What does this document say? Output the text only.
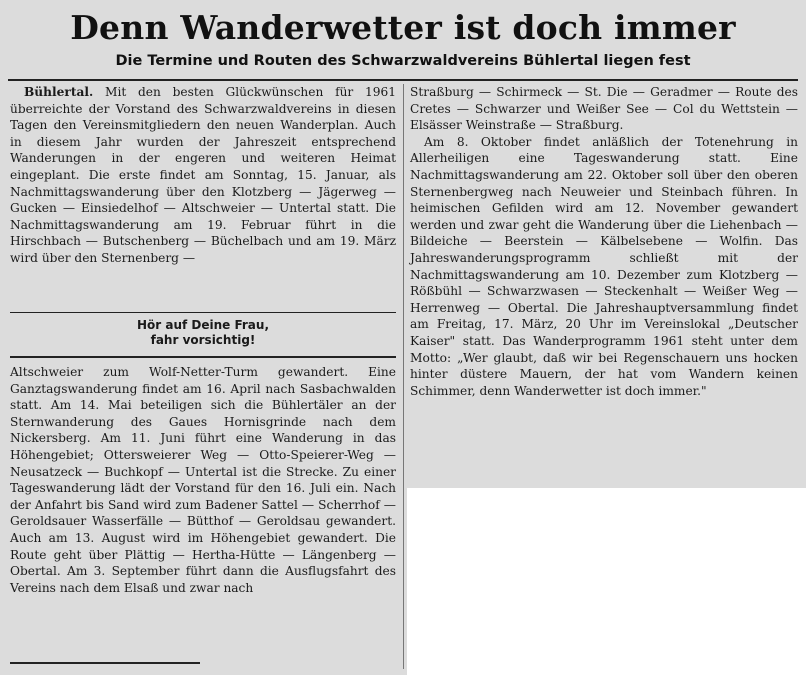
Denn Wanderwetter ist doch immer
Die Termine und Routen des Schwarzwaldvereins Bühlertal liegen fest

Bühlertal. Mit den besten Glückwünschen für 1961 überreichte der Vorstand des Schwarzwaldvereins in diesen Tagen den Vereinsmitgliedern den neuen Wanderplan. Auch in diesem Jahr wurden der Jahreszeit entsprechend Wanderungen in der engeren und weiteren Heimat eingeplant. Die erste findet am Sonntag, 15. Januar, als Nachmittagswanderung über den Klotzberg — Jägerweg — Gucken — Einsiedelhof — Altschweier — Untertal statt. Die Nachmittagswanderung am 19. Februar führt in die Hirschbach — Butschenberg — Büchelbach und am 19. März wird über den Sternenberg —

Hör auf Deine Frau,
fahr vorsichtig!

Altschweier zum Wolf-Netter-Turm gewandert. Eine Ganztagswanderung findet am 16. April nach Sasbachwalden statt. Am 14. Mai beteiligen sich die Bühlertäler an der Sternwanderung des Gaues Hornisgrinde nach dem Nickersberg. Am 11. Juni führt eine Wanderung in das Höhengebiet; Ottersweierer Weg — Otto-Speierer-Weg — Neusatzeck — Buchkopf — Untertal ist die Strecke. Zu einer Tageswanderung lädt der Vorstand für den 16. Juli ein. Nach der Anfahrt bis Sand wird zum Badener Sattel — Scherrhof — Geroldsauer Wasserfälle — Bütthof — Geroldsau gewandert. Auch am 13. August wird im Höhengebiet gewandert. Die Route geht über Plättig — Hertha-Hütte — Längenberg — Obertal. Am 3. September führt dann die Ausflugsfahrt des Vereins nach dem Elsaß und zwar nach

Straßburg — Schirmeck — St. Die — Geradmer — Route des Cretes — Schwarzer und Weißer See — Col du Wettstein — Elsässer Weinstraße — Straßburg.

Am 8. Oktober findet anläßlich der Totenehrung in Allerheiligen eine Tageswanderung statt. Eine Nachmittagswanderung am 22. Oktober soll über den oberen Sternenbergweg nach Neuweier und Steinbach führen. In heimischen Gefilden wird am 12. November gewandert werden und zwar geht die Wanderung über die Liehenbach — Bildeiche — Beerstein — Kälbelsebene — Wolfin. Das Jahreswanderungsprogramm schließt mit der Nachmittagswanderung am 10. Dezember zum Klotzberg — Rößbühl — Schwarzwasen — Steckenhalt — Weißer Weg — Herrenweg — Obertal. Die Jahreshauptversammlung findet am Freitag, 17. März, 20 Uhr im Vereinslokal „Deutscher Kaiser" statt. Das Wanderprogramm 1961 steht unter dem Motto: „Wer glaubt, daß wir bei Regenschauern uns hocken hinter düstere Mauern, der hat vom Wandern keinen Schimmer, denn Wanderwetter ist doch immer."
